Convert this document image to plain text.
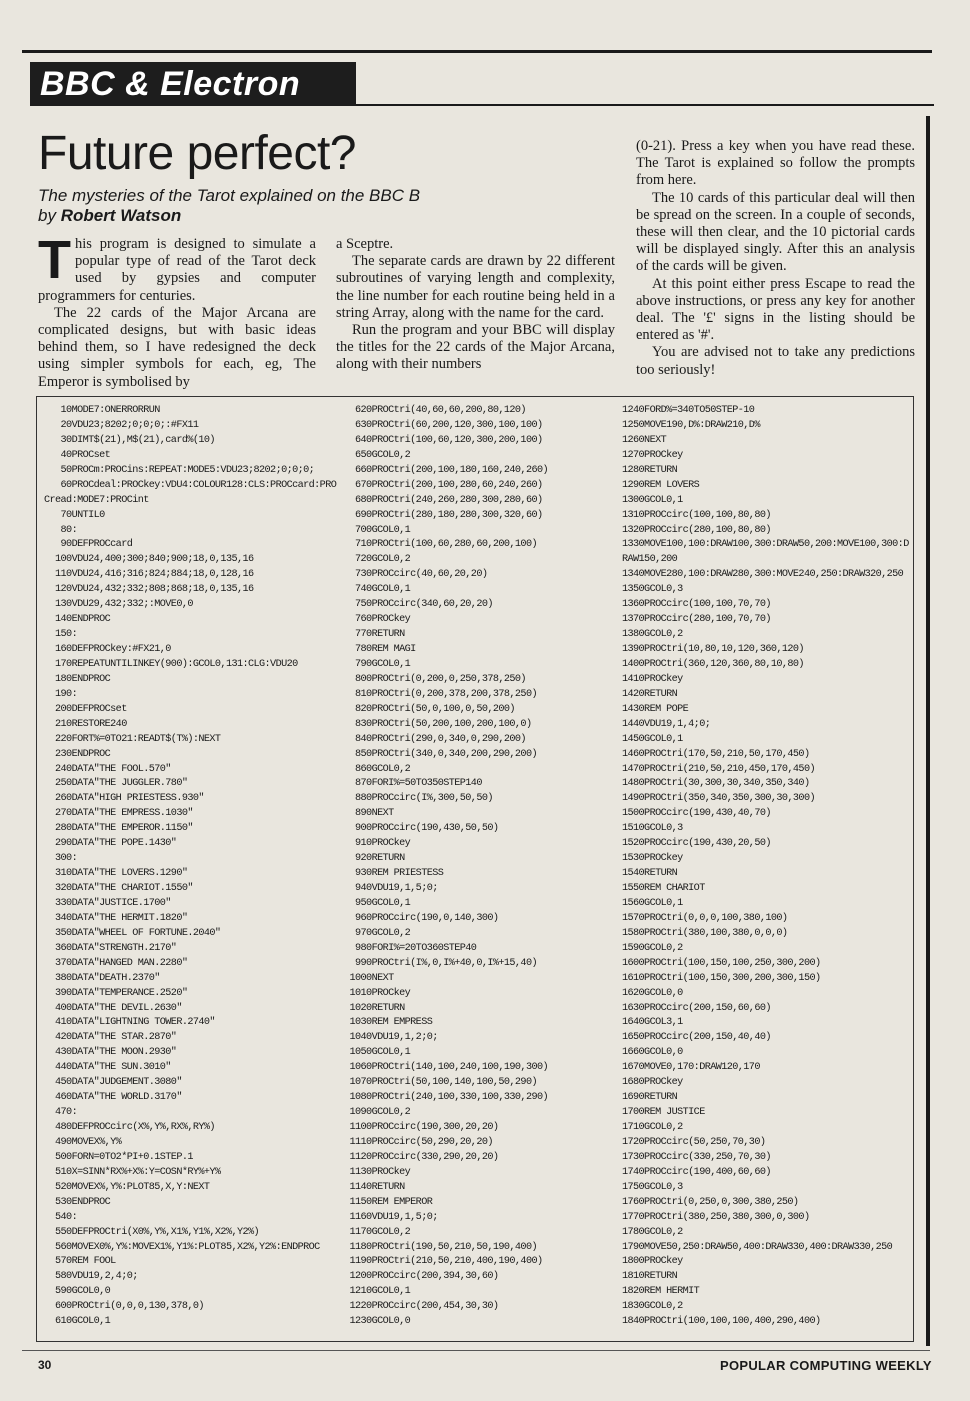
BBC & Electron
Future perfect?
The mysteries of the Tarot explained on the BBC B
by Robert Watson

This program is designed to simulate a popular type of read of the Tarot deck used by gypsies and computer programmers for centuries.

The 22 cards of the Major Arcana are complicated designs, but with basic ideas behind them, so I have redesigned the deck using simpler symbols for each, eg, The Emperor is symbolised by

a Sceptre.

The separate cards are drawn by 22 different subroutines of varying length and complexity, the line number for each routine being held in a string Array, along with the name for the card.

Run the program and your BBC will display the titles for the 22 cards of the Major Arcana, along with their numbers

(0-21). Press a key when you have read these. The Tarot is explained so follow the prompts from here.

The 10 cards of this particular deal will then be spread on the screen. In a couple of seconds, these will then clear, and the 10 pictorial cards will be displayed singly. After this an analysis of the cards will be given.

At this point either press Escape to read the above instructions, or press any key for another deal. The '£' signs in the listing should be entered as '#'.

You are advised not to take any predictions too seriously!

10MODE7:ONERRORRUN
20VDU23;8202;0;0;0;:#FX11
30DIMT$(21),M$(21),card%(10)
40PROCset
50PROCm:PROCins:REPEAT:MODE5:VDU23;8202;0;0;0;
60PROCdeal:PROCkey:VDU4:COLOUR128:CLS:PROCcard:PRO
Cread:MODE7:PROCint
70UNTIL0
80:
90DEFPROCcard
100VDU24,400;300;840;900;18,0,135,16
110VDU24,416;316;824;884;18,0,128,16
120VDU24,432;332;808;868;18,0,135,16
130VDU29,432;332;:MOVE0,0
140ENDPROC
150:
160DEFPROCkey:#FX21,0
170REPEATUNTILINKEY(900):GCOL0,131:CLG:VDU20
180ENDPROC
190:
200DEFPROCset
210RESTORE240
220FORT%=0TO21:READT$(T%):NEXT
230ENDPROC
240DATA"THE FOOL.570"
250DATA"THE JUGGLER.780"
260DATA"HIGH PRIESTESS.930"
270DATA"THE EMPRESS.1030"
280DATA"THE EMPEROR.1150"
290DATA"THE POPE.1430"
300:
310DATA"THE LOVERS.1290"
320DATA"THE CHARIOT.1550"
330DATA"JUSTICE.1700"
340DATA"THE HERMIT.1820"
350DATA"WHEEL OF FORTUNE.2040"
360DATA"STRENGTH.2170"
370DATA"HANGED MAN.2280"
380DATA"DEATH.2370"
390DATA"TEMPERANCE.2520"
400DATA"THE DEVIL.2630"
410DATA"LIGHTNING TOWER.2740"
420DATA"THE STAR.2870"
430DATA"THE MOON.2930"
440DATA"THE SUN.3010"
450DATA"JUDGEMENT.3080"
460DATA"THE WORLD.3170"
470:
480DEFPROCcirc(X%,Y%,RX%,RY%)
490MOVEX%,Y%
500FORN=0TO2*PI+0.1STEP.1
510X=SINN*RX%+X%:Y=COSN*RY%+Y%
520MOVEX%,Y%:PLOT85,X,Y:NEXT
530ENDPROC
540:
550DEFPROCtri(X0%,Y%,X1%,Y1%,X2%,Y2%)
560MOVEX0%,Y%:MOVEX1%,Y1%:PLOT85,X2%,Y2%:ENDPROC
570REM FOOL
580VDU19,2,4;0;
590GCOL0,0
600PROCtri(0,0,0,130,378,0)
610GCOL0,1
620PROCtri(40,60,60,200,80,120)
630PROCtri(60,200,120,300,100,100)
640PROCtri(100,60,120,300,200,100)
650GCOL0,2
660PROCtri(200,100,180,160,240,260)
670PROCtri(200,100,280,60,240,260)
680PROCtri(240,260,280,300,280,60)
690PROCtri(280,180,280,300,320,60)
700GCOL0,1
710PROCtri(100,60,280,60,200,100)
720GCOL0,2
730PROCcirc(40,60,20,20)
740GCOL0,1
750PROCcirc(340,60,20,20)
760PROCkey
770RETURN
780REM MAGI
790GCOL0,1
800PROCtri(0,200,0,250,378,250)
810PROCtri(0,200,378,200,378,250)
820PROCtri(50,0,100,0,50,200)
830PROCtri(50,200,100,200,100,0)
840PROCtri(290,0,340,0,290,200)
850PROCtri(340,0,340,200,290,200)
860GCOL0,2
870FORI%=50TO350STEP140
880PROCcirc(I%,300,50,50)
890NEXT
900PROCcirc(190,430,50,50)
910PROCkey
920RETURN
930REM PRIESTESS
940VDU19,1,5;0;
950GCOL0,1
960PROCcirc(190,0,140,300)
970GCOL0,2
980FORI%=20TO360STEP40
990PROCtri(I%,0,I%+40,0,I%+15,40)
1000NEXT
1010PROCkey
1020RETURN
1030REM EMPRESS
1040VDU19,1,2;0;
1050GCOL0,1
1060PROCtri(140,100,240,100,190,300)
1070PROCtri(50,100,140,100,50,290)
1080PROCtri(240,100,330,100,330,290)
1090GCOL0,2
1100PROCcirc(190,300,20,20)
1110PROCcirc(50,290,20,20)
1120PROCcirc(330,290,20,20)
1130PROCkey
1140RETURN
1150REM EMPEROR
1160VDU19,1,5;0;
1170GCOL0,2
1180PROCtri(190,50,210,50,190,400)
1190PROCtri(210,50,210,400,190,400)
1200PROCcirc(200,394,30,60)
1210GCOL0,1
1220PROCcirc(200,454,30,30)
1230GCOL0,0
1240FORD%=340TO50STEP-10
1250MOVE190,D%:DRAW210,D%
1260NEXT
1270PROCkey
1280RETURN
1290REM LOVERS
1300GCOL0,1
1310PROCcirc(100,100,80,80)
1320PROCcirc(280,100,80,80)
1330MOVE100,100:DRAW100,300:DRAW50,200:MOVE100,300:D
RAW150,200
1340MOVE280,100:DRAW280,300:MOVE240,250:DRAW320,250
1350GCOL0,3
1360PROCcirc(100,100,70,70)
1370PROCcirc(280,100,70,70)
1380GCOL0,2
1390PROCtri(10,80,10,120,360,120)
1400PROCtri(360,120,360,80,10,80)
1410PROCkey
1420RETURN
1430REM POPE
1440VDU19,1,4;0;
1450GCOL0,1
1460PROCtri(170,50,210,50,170,450)
1470PROCtri(210,50,210,450,170,450)
1480PROCtri(30,300,30,340,350,340)
1490PROCtri(350,340,350,300,30,300)
1500PROCcirc(190,430,40,70)
1510GCOL0,3
1520PROCcirc(190,430,20,50)
1530PROCkey
1540RETURN
1550REM CHARIOT
1560GCOL0,1
1570PROCtri(0,0,0,100,380,100)
1580PROCtri(380,100,380,0,0,0)
1590GCOL0,2
1600PROCtri(100,150,100,250,300,200)
1610PROCtri(100,150,300,200,300,150)
1620GCOL0,0
1630PROCcirc(200,150,60,60)
1640GCOL3,1
1650PROCcirc(200,150,40,40)
1660GCOL0,0
1670MOVE0,170:DRAW120,170
1680PROCkey
1690RETURN
1700REM JUSTICE
1710GCOL0,2
1720PROCcirc(50,250,70,30)
1730PROCcirc(330,250,70,30)
1740PROCcirc(190,400,60,60)
1750GCOL0,3
1760PROCtri(0,250,0,300,380,250)
1770PROCtri(380,250,380,300,0,300)
1780GCOL0,2
1790MOVE50,250:DRAW50,400:DRAW330,400:DRAW330,250
1800PROCkey
1810RETURN
1820REM HERMIT
1830GCOL0,2
1840PROCtri(100,100,100,400,290,400)
30	POPULAR COMPUTING WEEKLY
